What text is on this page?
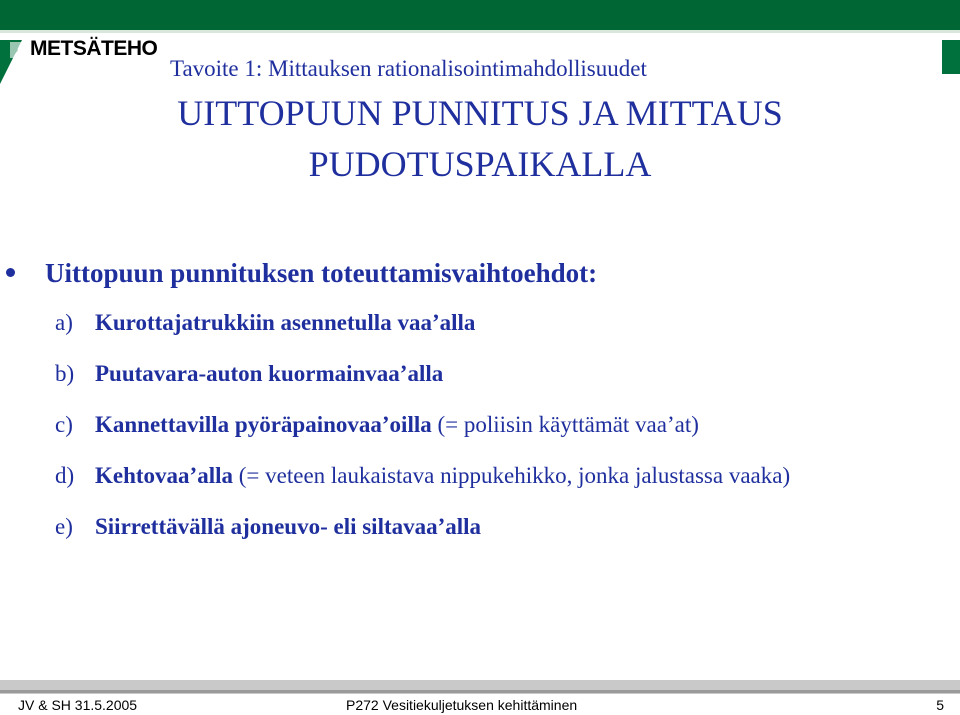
METSÄTEHO
Tavoite 1: Mittauksen rationalisointimahdollisuudet
UITTOPUUN PUNNITUS JA MITTAUS
PUDOTUSPAIKALLA
Uittopuun punnituksen toteuttamisvaihtoehdot:
a) Kurottajatrukkiin asennetulla vaa’alla
b) Puutavara-auton kuormainvaa’alla
c) Kannettavilla pyöräpainovaa’oilla (= poliisin käyttämät vaa’at)
d) Kehtovaa’alla (= veteen laukaistava nippukehikko, jonka jalustassa vaaka)
e) Siirrettävällä ajoneuvo- eli siltavaa’alla
JV & SH 31.5.2005	P272 Vesitiekuljetuksen kehittäminen	5
